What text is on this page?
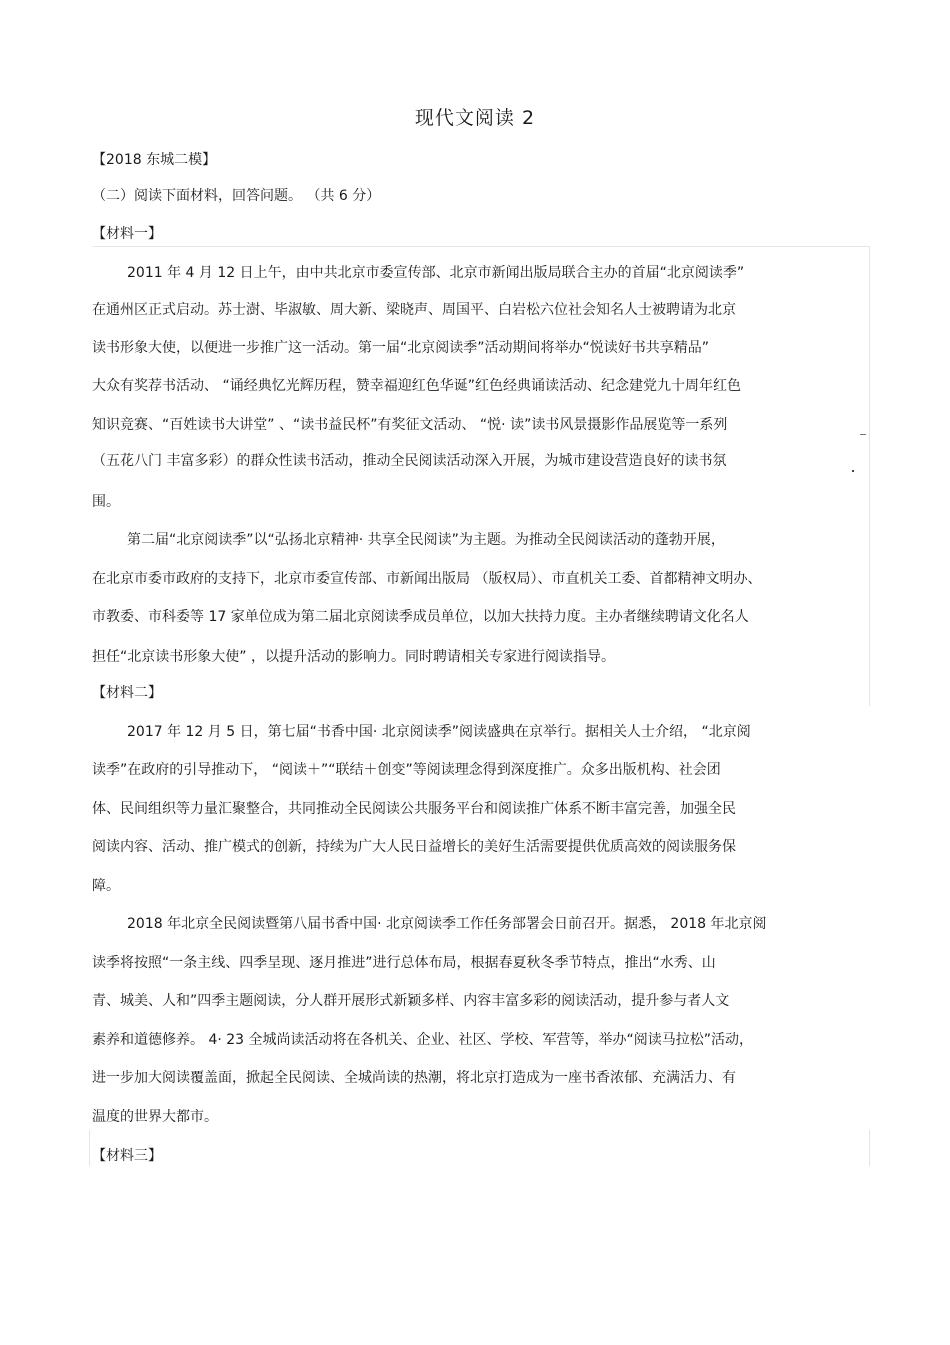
现代文阅读 2
【2018 东城二模】
（二）阅读下面材料，回答问题。 （共 6 分）
【材料一】
2011 年 4 月 12 日上午，由中共北京市委宣传部、北京市新闻出版局联合主办的首届“北京阅读季”
在通州区正式启动。苏士澍、毕淑敏、周大新、梁晓声、周国平、白岩松六位社会知名人士被聘请为北京
读书形象大使，以便进一步推广这一活动。第一届“北京阅读季”活动期间将举办“悦读好书共享精品”
大众有奖荐书活动、 “诵经典忆光辉历程，赞幸福迎红色华诞”红色经典诵读活动、纪念建党九十周年红色
知识竞赛、“百姓读书大讲堂” 、“读书益民杯”有奖征文活动、 “悦· 读”读书风景摄影作品展览等一系列
（五花八门 丰富多彩）的群众性读书活动，推动全民阅读活动深入开展，为城市建设营造良好的读书氛
围。
第二届“北京阅读季”以“弘扬北京精神· 共享全民阅读”为主题。为推动全民阅读活动的蓬勃开展，
在北京市委市政府的支持下，北京市委宣传部、市新闻出版局 （版权局）、市直机关工委、首都精神文明办、
市教委、市科委等 17 家单位成为第二届北京阅读季成员单位，以加大扶持力度。主办者继续聘请文化名人
担任“北京读书形象大使” ，以提升活动的影响力。同时聘请相关专家进行阅读指导。
【材料二】
2017 年 12 月 5 日，第七届“书香中国· 北京阅读季”阅读盛典在京举行。据相关人士介绍， “北京阅
读季”在政府的引导推动下， “阅读＋”“联结＋创变”等阅读理念得到深度推广。众多出版机构、社会团
体、民间组织等力量汇聚整合，共同推动全民阅读公共服务平台和阅读推广体系不断丰富完善，加强全民
阅读内容、活动、推广模式的创新，持续为广大人民日益增长的美好生活需要提供优质高效的阅读服务保
障。
2018 年北京全民阅读暨第八届书香中国· 北京阅读季工作任务部署会日前召开。据悉， 2018 年北京阅
读季将按照“一条主线、四季呈现、逐月推进”进行总体布局，根据春夏秋冬季节特点，推出“水秀、山
青、城美、人和”四季主题阅读，分人群开展形式新颖多样、内容丰富多彩的阅读活动，提升参与者人文
素养和道德修养。 4· 23 全城尚读活动将在各机关、企业、社区、学校、军营等，举办“阅读马拉松”活动，
进一步加大阅读覆盖面，掀起全民阅读、全城尚读的热潮，将北京打造成为一座书香浓郁、充满活力、有
温度的世界大都市。
【材料三】
